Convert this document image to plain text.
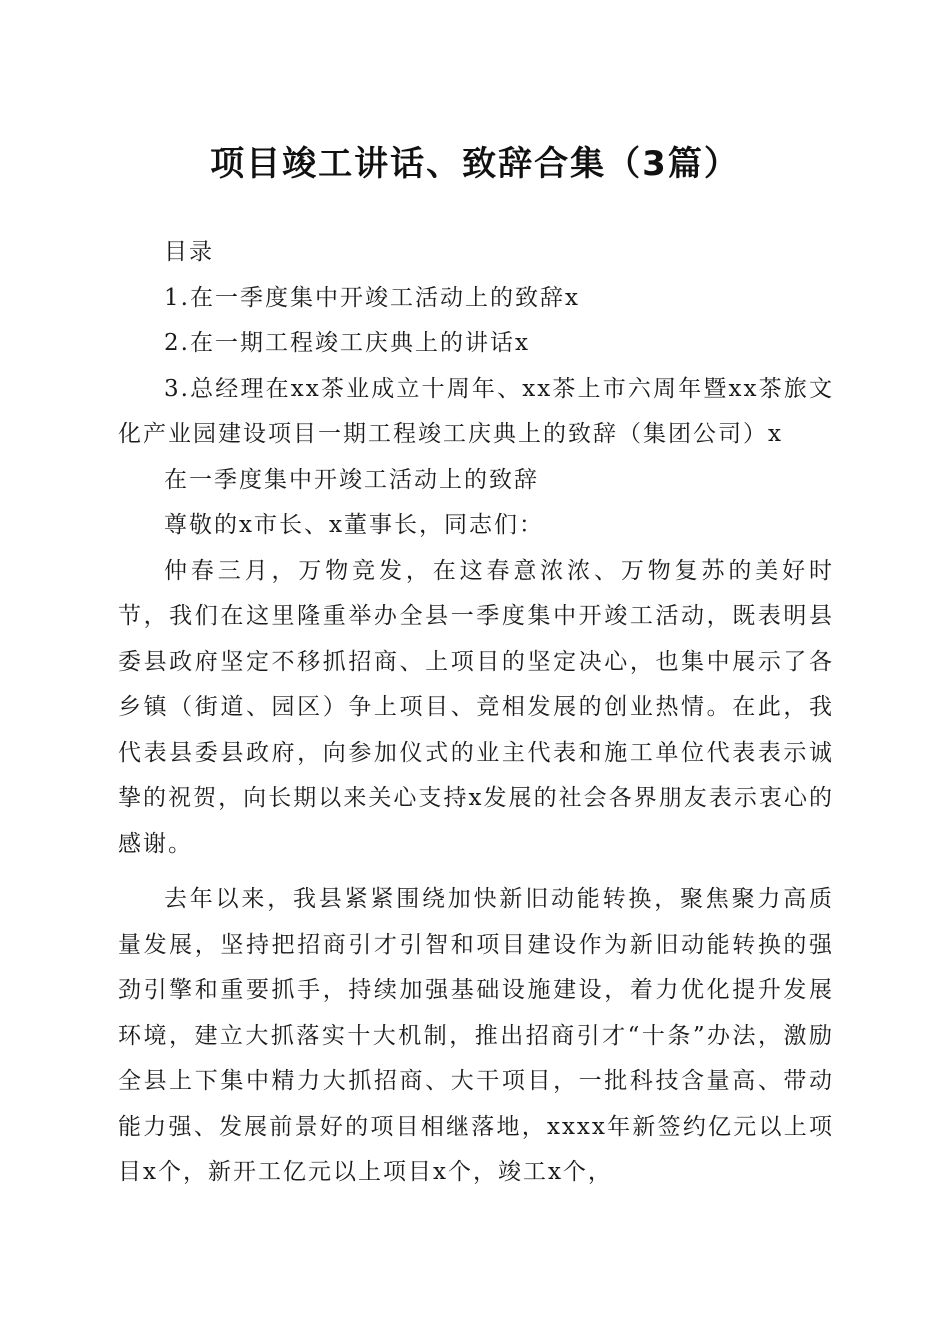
项目竣工讲话、致辞合集（3篇）

目录

1.在一季度集中开竣工活动上的致辞x

2.在一期工程竣工庆典上的讲话x

3.总经理在xx茶业成立十周年、xx茶上市六周年暨xx茶旅文化产业园建设项目一期工程竣工庆典上的致辞（集团公司）x

在一季度集中开竣工活动上的致辞

尊敬的x市长、x董事长，同志们：

仲春三月，万物竞发，在这春意浓浓、万物复苏的美好时节，我们在这里隆重举办全县一季度集中开竣工活动，既表明县委县政府坚定不移抓招商、上项目的坚定决心，也集中展示了各乡镇（街道、园区）争上项目、竞相发展的创业热情。在此，我代表县委县政府，向参加仪式的业主代表和施工单位代表表示诚挚的祝贺，向长期以来关心支持x发展的社会各界朋友表示衷心的感谢。

去年以来，我县紧紧围绕加快新旧动能转换，聚焦聚力高质量发展，坚持把招商引才引智和项目建设作为新旧动能转换的强劲引擎和重要抓手，持续加强基础设施建设，着力优化提升发展环境，建立大抓落实十大机制，推出招商引才“十条”办法，激励全县上下集中精力大抓招商、大干项目，一批科技含量高、带动能力强、发展前景好的项目相继落地，xxxx年新签约亿元以上项目x个，新开工亿元以上项目x个，竣工x个，
